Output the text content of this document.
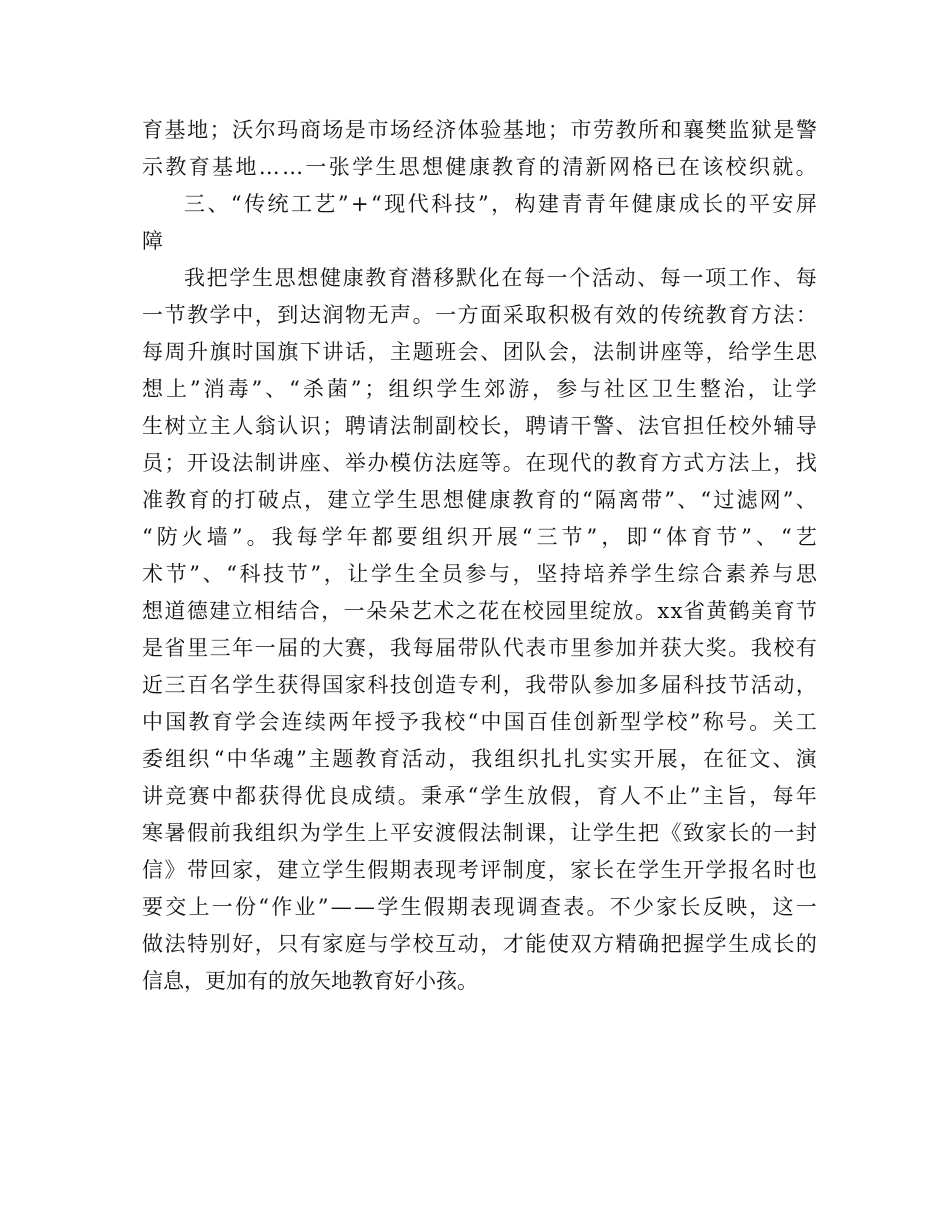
育 基 地 ； 沃 尔 玛 商 场 是 市 场 经 济 体 验 基 地 ； 市 劳 教 所 和 襄 樊 监 狱 是 警
示 教 育 基 地 … … 一 张 学 生 思 想 健 康 教 育 的 清 新 网 格 已 在 该 校 织 就 。
三 、 “ 传 统 工 艺 ” + “ 现 代 科 技 ” ， 构 建 青 青 年 健 康 成 长 的 平 安 屏
障
我 把 学 生 思 想 健 康 教 育 潜 移 默 化 在 每 一 个 活 动 、 每 一 项 工 作 、 每
一 节 教 学 中 ， 到 达 润 物 无 声 。 一 方 面 采 取 积 极 有 效 的 传 统 教 育 方 法 ：
每 周 升 旗 时 国 旗 下 讲 话 ， 主 题 班 会 、 团 队 会 ， 法 制 讲 座 等 ， 给 学 生 思
想 上 ” 消 毒 ” 、 “ 杀 菌 ” ； 组 织 学 生 郊 游 ， 参 与 社 区 卫 生 整 治 ， 让 学
生 树 立 主 人 翁 认 识 ； 聘 请 法 制 副 校 长 ， 聘 请 干 警 、 法 官 担 任 校 外 辅 导
员 ； 开 设 法 制 讲 座 、 举 办 模 仿 法 庭 等 。 在 现 代 的 教 育 方 式 方 法 上 ， 找
准 教 育 的 打 破 点 ， 建 立 学 生 思 想 健 康 教 育 的 “ 隔 离 带 ” 、 “ 过 滤 网 ” 、
“ 防 火 墙 ” 。 我 每 学 年 都 要 组 织 开 展 “ 三 节 ” ， 即 “ 体 育 节 ” 、 “ 艺
术 节 ” 、 “ 科 技 节 ” ， 让 学 生 全 员 参 与 ， 坚 持 培 养 学 生 综 合 素 养 与 思
想 道 德 建 立 相 结 合 ， 一 朵 朵 艺 术 之 花 在 校 园 里 绽 放 。 x x 省 黄 鹤 美 育 节
是 省 里 三 年 一 届 的 大 赛 ， 我 每 届 带 队 代 表 市 里 参 加 并 获 大 奖 。 我 校 有
近 三 百 名 学 生 获 得 国 家 科 技 创 造 专 利 ， 我 带 队 参 加 多 届 科 技 节 活 动 ，
中 国 教 育 学 会 连 续 两 年 授 予 我 校 “ 中 国 百 佳 创 新 型 学 校 ” 称 号 。 关 工
委 组 织 “ 中 华 魂 ” 主 题 教 育 活 动 ， 我 组 织 扎 扎 实 实 开 展 ， 在 征 文 、 演
讲 竞 赛 中 都 获 得 优 良 成 绩 。 秉 承 “ 学 生 放 假 ， 育 人 不 止 ” 主 旨 ， 每 年
寒 暑 假 前 我 组 织 为 学 生 上 平 安 渡 假 法 制 课 ， 让 学 生 把 《 致 家 长 的 一 封
信 》 带 回 家 ， 建 立 学 生 假 期 表 现 考 评 制 度 ， 家 长 在 学 生 开 学 报 名 时 也
要 交 上 一 份 “ 作 业 ” — — 学 生 假 期 表 现 调 查 表 。 不 少 家 长 反 映 ， 这 一
做 法 特 别 好 ， 只 有 家 庭 与 学 校 互 动 ， 才 能 使 双 方 精 确 把 握 学 生 成 长 的
信息，更加有的放矢地教育好小孩。
